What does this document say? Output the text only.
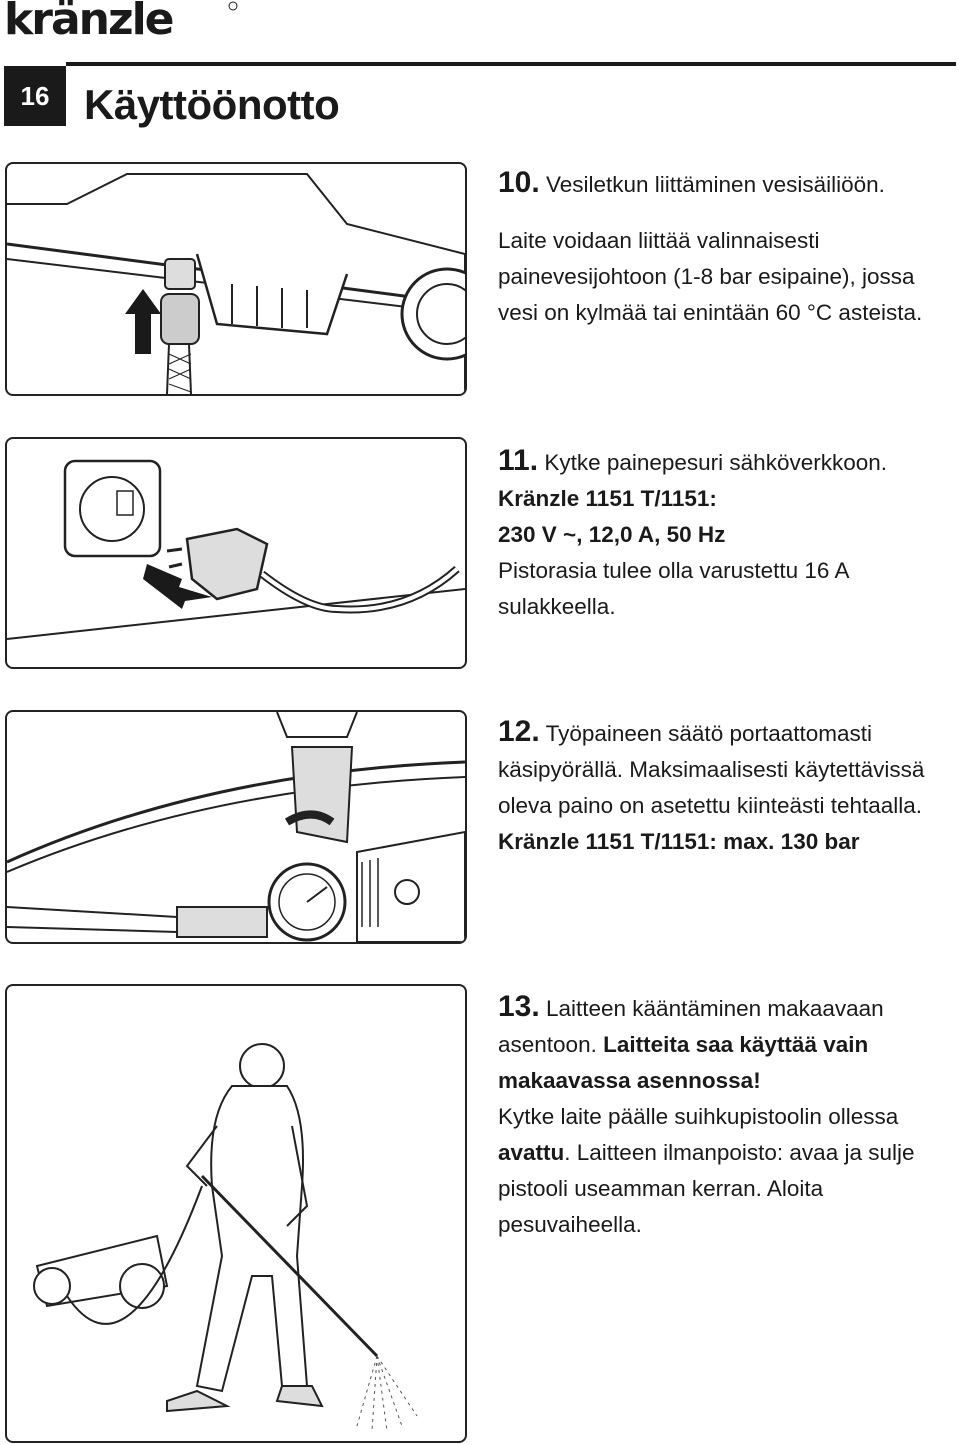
kränzle
16 Käyttöönotto

10. Vesiletkun liittäminen vesisäiliöön.

Laite voidaan liittää valinnaisesti

painevesijohtoon (1-8 bar esipaine), jossa

vesi on kylmää tai enintään 60 °C asteista.

11. Kytke painepesuri sähköverkkoon.

Kränzle 1151 T/1151:

230 V ~, 12,0 A, 50 Hz

Pistorasia tulee olla varustettu 16 A

sulakkeella.

12. Työpaineen säätö portaattomasti

käsipyörällä. Maksimaalisesti käytettävissä

oleva paino on asetettu kiinteästi tehtaalla.

Kränzle 1151 T/1151: max. 130 bar

13. Laitteen kääntäminen makaavaan

asentoon. Laitteita saa käyttää vain

makaavassa asennossa!

Kytke laite päälle suihkupistoolin ollessa

avattu. Laitteen ilmanpoisto: avaa ja sulje

pistooli useamman kerran. Aloita

pesuvaiheella.
